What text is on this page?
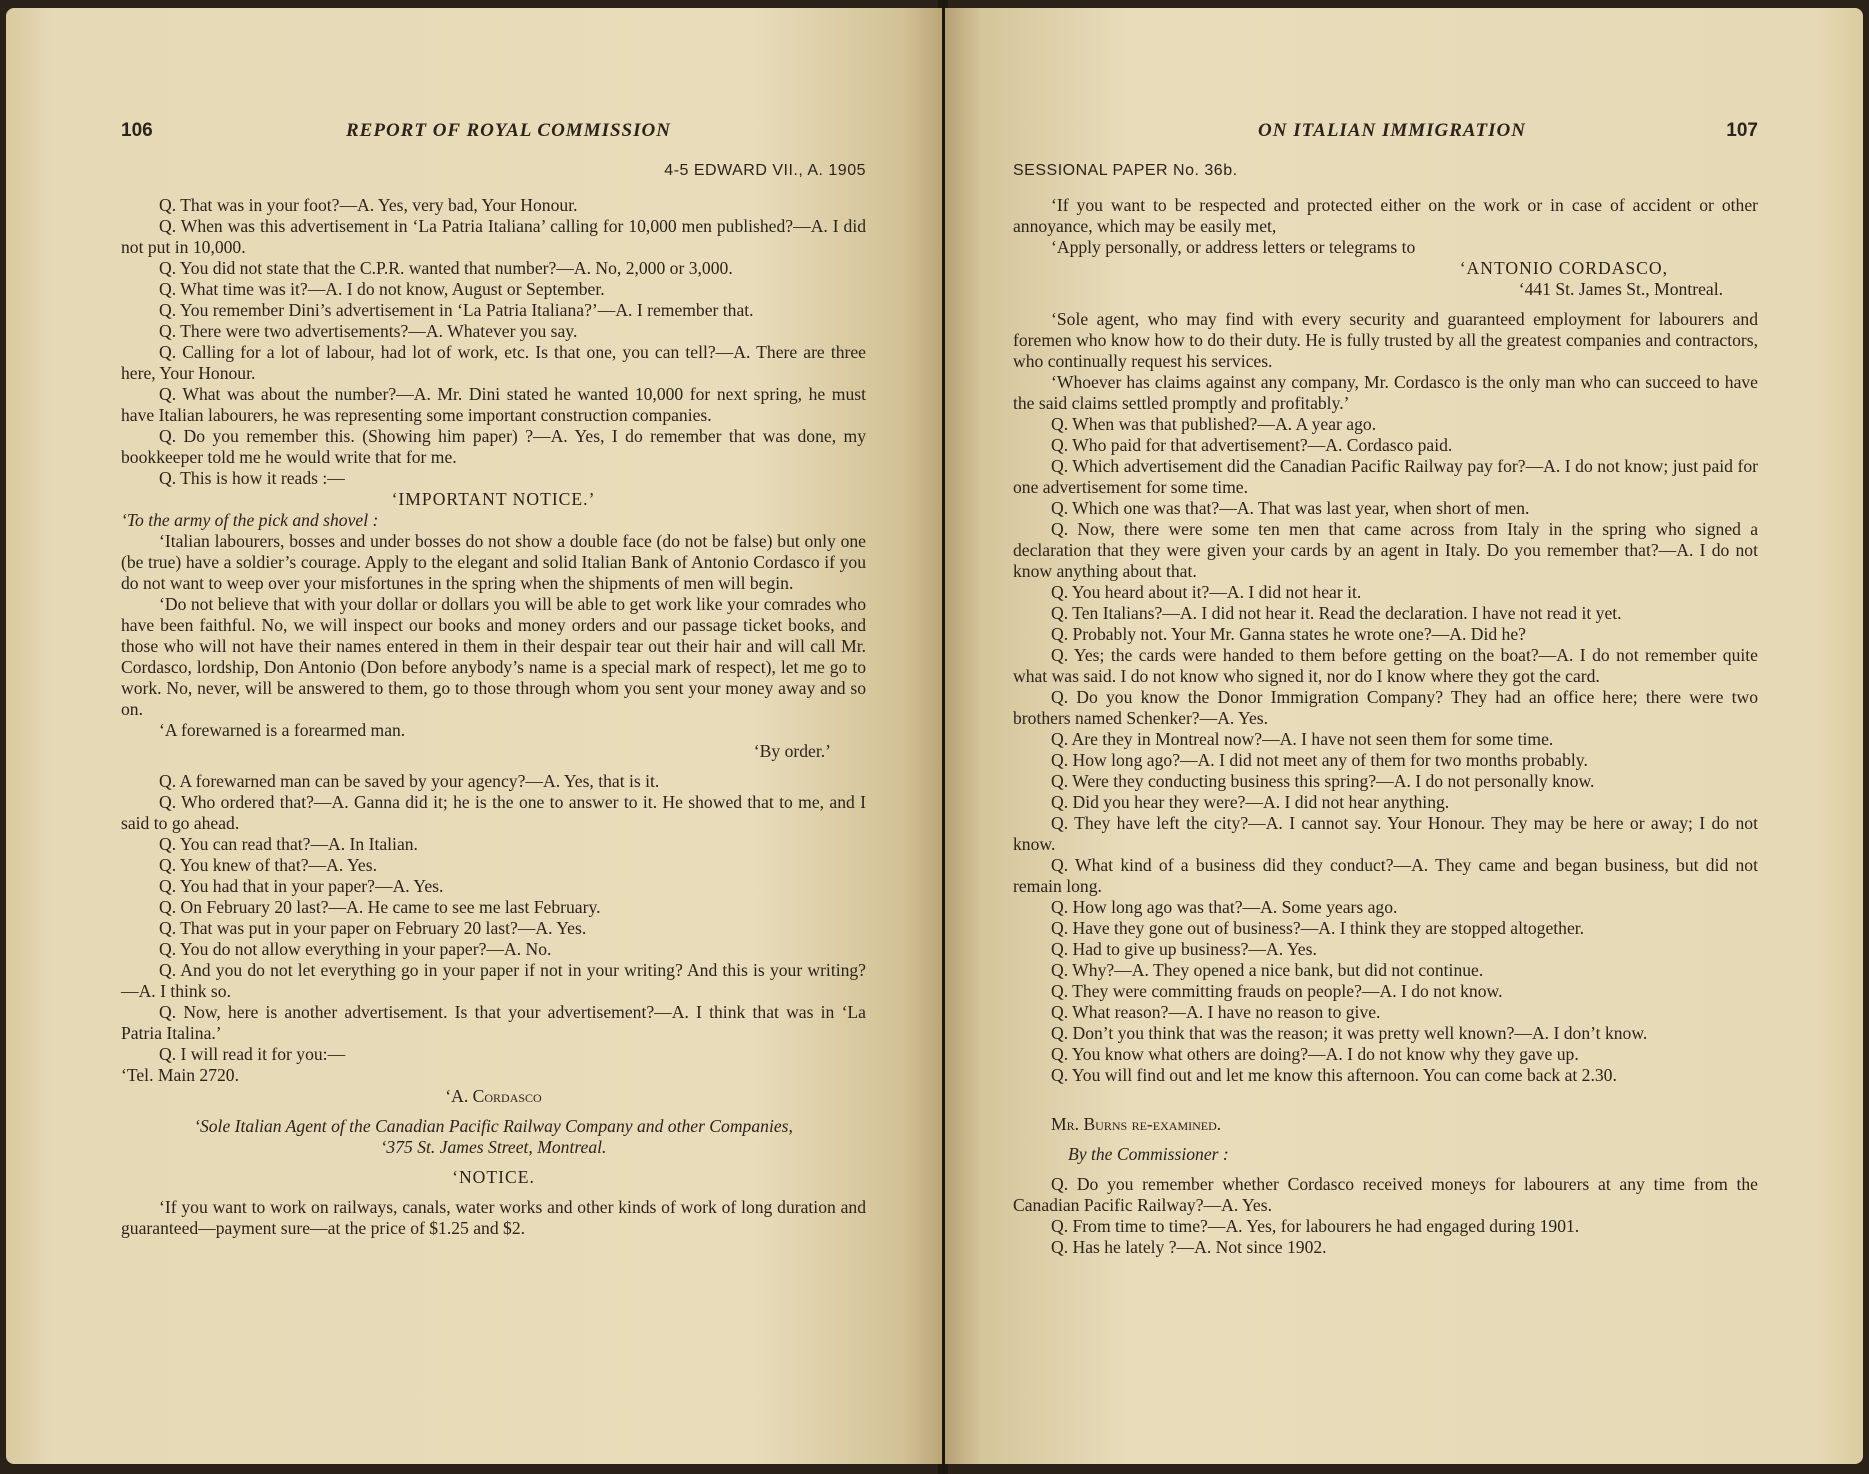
106	REPORT OF ROYAL COMMISSION
4-5 EDWARD VII., A. 1905

Q. That was in your foot?—A. Yes, very bad, Your Honour.

Q. When was this advertisement in ‘La Patria Italiana’ calling for 10,000 men published?—A. I did not put in 10,000.

Q. You did not state that the C.P.R. wanted that number?—A. No, 2,000 or 3,000.

Q. What time was it?—A. I do not know, August or September.

Q. You remember Dini’s advertisement in ‘La Patria Italiana?’—A. I remember that.

Q. There were two advertisements?—A. Whatever you say.

Q. Calling for a lot of labour, had lot of work, etc. Is that one, you can tell?—A. There are three here, Your Honour.

Q. What was about the number?—A. Mr. Dini stated he wanted 10,000 for next spring, he must have Italian labourers, he was representing some important construction companies.

Q. Do you remember this. (Showing him paper) ?—A. Yes, I do remember that was done, my bookkeeper told me he would write that for me.

Q. This is how it reads :—

‘IMPORTANT NOTICE.’

‘To the army of the pick and shovel :

‘Italian labourers, bosses and under bosses do not show a double face (do not be false) but only one (be true) have a soldier’s courage. Apply to the elegant and solid Italian Bank of Antonio Cordasco if you do not want to weep over your misfortunes in the spring when the shipments of men will begin.

‘Do not believe that with your dollar or dollars you will be able to get work like your comrades who have been faithful. No, we will inspect our books and money orders and our passage ticket books, and those who will not have their names entered in them in their despair tear out their hair and will call Mr. Cordasco, lordship, Don Antonio (Don before anybody’s name is a special mark of respect), let me go to work. No, never, will be answered to them, go to those through whom you sent your money away and so on.

‘A forewarned is a forearmed man.

‘By order.’

Q. A forewarned man can be saved by your agency?—A. Yes, that is it.

Q. Who ordered that?—A. Ganna did it; he is the one to answer to it. He showed that to me, and I said to go ahead.

Q. You can read that?—A. In Italian.

Q. You knew of that?—A. Yes.

Q. You had that in your paper?—A. Yes.

Q. On February 20 last?—A. He came to see me last February.

Q. That was put in your paper on February 20 last?—A. Yes.

Q. You do not allow everything in your paper?—A. No.

Q. And you do not let everything go in your paper if not in your writing? And this is your writing?—A. I think so.

Q. Now, here is another advertisement. Is that your advertisement?—A. I think that was in ‘La Patria Italina.’

Q. I will read it for you:—

‘Tel. Main 2720.

‘A. Cordasco

‘Sole Italian Agent of the Canadian Pacific Railway Company and other Companies,

‘375 St. James Street, Montreal.

‘NOTICE.

‘If you want to work on railways, canals, water works and other kinds of work of long duration and guaranteed—payment sure—at the price of $1.25 and $2.

ON ITALIAN IMMIGRATION	107
SESSIONAL PAPER No. 36b.

‘If you want to be respected and protected either on the work or in case of accident or other annoyance, which may be easily met,

‘Apply personally, or address letters or telegrams to

‘ANTONIO CORDASCO,

‘441 St. James St., Montreal.

‘Sole agent, who may find with every security and guaranteed employment for labourers and foremen who know how to do their duty. He is fully trusted by all the greatest companies and contractors, who continually request his services.

‘Whoever has claims against any company, Mr. Cordasco is the only man who can succeed to have the said claims settled promptly and profitably.’

Q. When was that published?—A. A year ago.

Q. Who paid for that advertisement?—A. Cordasco paid.

Q. Which advertisement did the Canadian Pacific Railway pay for?—A. I do not know; just paid for one advertisement for some time.

Q. Which one was that?—A. That was last year, when short of men.

Q. Now, there were some ten men that came across from Italy in the spring who signed a declaration that they were given your cards by an agent in Italy. Do you remember that?—A. I do not know anything about that.

Q. You heard about it?—A. I did not hear it.

Q. Ten Italians?—A. I did not hear it. Read the declaration. I have not read it yet.

Q. Probably not. Your Mr. Ganna states he wrote one?—A. Did he?

Q. Yes; the cards were handed to them before getting on the boat?—A. I do not remember quite what was said. I do not know who signed it, nor do I know where they got the card.

Q. Do you know the Donor Immigration Company? They had an office here; there were two brothers named Schenker?—A. Yes.

Q. Are they in Montreal now?—A. I have not seen them for some time.

Q. How long ago?—A. I did not meet any of them for two months probably.

Q. Were they conducting business this spring?—A. I do not personally know.

Q. Did you hear they were?—A. I did not hear anything.

Q. They have left the city?—A. I cannot say. Your Honour. They may be here or away; I do not know.

Q. What kind of a business did they conduct?—A. They came and began business, but did not remain long.

Q. How long ago was that?—A. Some years ago.

Q. Have they gone out of business?—A. I think they are stopped altogether.

Q. Had to give up business?—A. Yes.

Q. Why?—A. They opened a nice bank, but did not continue.

Q. They were committing frauds on people?—A. I do not know.

Q. What reason?—A. I have no reason to give.

Q. Don’t you think that was the reason; it was pretty well known?—A. I don’t know.

Q. You know what others are doing?—A. I do not know why they gave up.

Q. You will find out and let me know this afternoon. You can come back at 2.30.

Mr. Burns re-examined.

By the Commissioner :

Q. Do you remember whether Cordasco received moneys for labourers at any time from the Canadian Pacific Railway?—A. Yes.

Q. From time to time?—A. Yes, for labourers he had engaged during 1901.

Q. Has he lately ?—A. Not since 1902.
